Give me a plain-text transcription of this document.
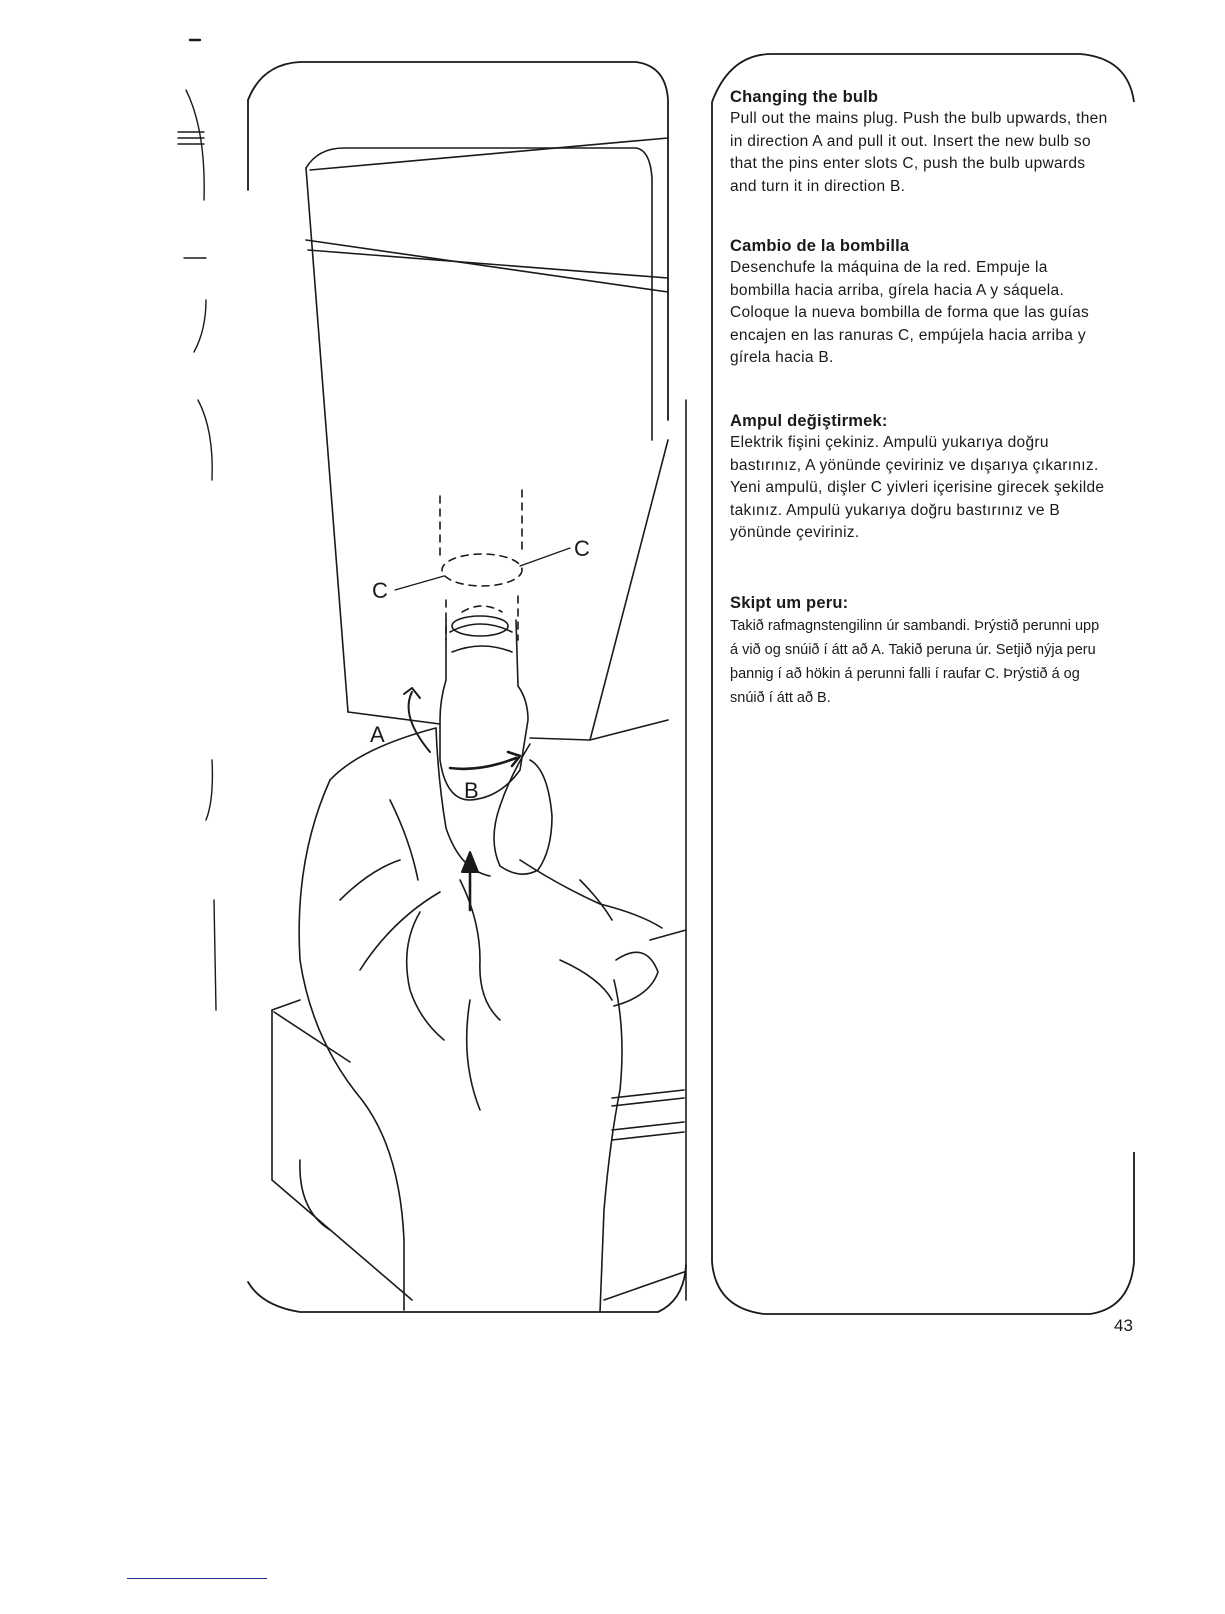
A
B
C
C
Changing the bulb

Pull out the mains plug. Push the bulb upwards, then in direction A and pull it out. Insert the new bulb so that the pins enter slots C, push the bulb upwards and turn it in direction B.

Cambio de la bombilla

Desenchufe la máquina de la red. Empuje la bombilla hacia arriba, gírela hacia A y sáquela. Coloque la nueva bombilla de forma que las guías encajen en las ranuras C, empújela hacia arriba y gírela hacia B.

Ampul değiştirmek:

Elektrik fişini çekiniz. Ampulü yukarıya doğru bastırınız, A yönünde çeviriniz ve dışarıya çıkarınız. Yeni ampulü, dişler C yivleri içerisine girecek şekilde takınız. Ampulü yukarıya doğru bastırınız ve B yönünde çeviriniz.

Skipt um peru:

Takið rafmagnstengilinn úr sambandi. Þrýstið perunni upp á við og snúið í átt að A. Takið peruna úr. Setjið nýja peru þannig í að hökin á perunni falli í raufar C. Þrýstið á og snúið í átt að B.

43
